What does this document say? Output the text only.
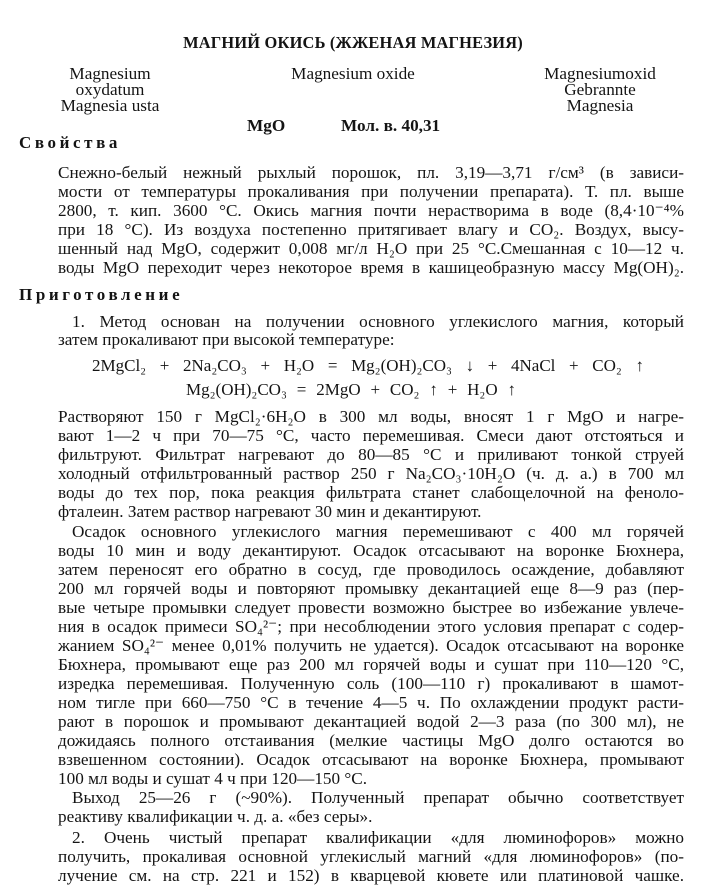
МАГНИЙ ОКИСЬ (ЖЖЕНАЯ МАГНЕЗИЯ)
Magnesium
oxydatum
Magnesia usta
Magnesium oxide	Magnesiumoxid
Gebrannte
Magnesia
MgO	Мол. в. 40,31
Свойства
Снежно-белый нежный рыхлый порошок, пл. 3,19—3,71 г/см³ (в зависи-
мости от температуры прокаливания при получении препарата). Т. пл. выше
2800, т. кип. 3600 °С. Окись магния почти нерастворима в воде (8,4·10⁻⁴%
при 18 °С). Из воздуха постепенно притягивает влагу и CO₂. Воздух, высу-
шенный над MgO, содержит 0,008 мг/л H₂O при 25 °С.Смешанная с 10—12 ч.
воды MgO переходит через некоторое время в кашицеобразную массу Mg(OH)₂.
Приготовление
1. Метод основан на получении основного углекислого магния, который
затем прокаливают при высокой температуре:
2MgCl₂ + 2Na₂CO₃ + H₂O = Mg₂(OH)₂CO₃ ↓ + 4NaCl + CO₂ ↑
Mg₂(OH)₂CO₃ = 2MgO + CO₂ ↑ + H₂O ↑
Растворяют 150 г MgCl₂·6H₂O в 300 мл воды, вносят 1 г MgO и нагре-
вают 1—2 ч при 70—75 °С, часто перемешивая. Смеси дают отстояться и
фильтруют. Фильтрат нагревают до 80—85 °С и приливают тонкой струей
холодный отфильтрованный раствор 250 г Na₂CO₃·10H₂O (ч. д. а.) в 700 мл
воды до тех пор, пока реакция фильтрата станет слабощелочной на феноло-
фталеин. Затем раствор нагревают 30 мин и декантируют.
Осадок основного углекислого магния перемешивают с 400 мл горячей
воды 10 мин и воду декантируют. Осадок отсасывают на воронке Бюхнера,
затем переносят его обратно в сосуд, где проводилось осаждение, добавляют
200 мл горячей воды и повторяют промывку декантацией еще 8—9 раз (пер-
вые четыре промывки следует провести возможно быстрее во избежание увлече-
ния в осадок примеси SO₄²⁻; при несоблюдении этого условия препарат с содер-
жанием SO₄²⁻ менее 0,01% получить не удается). Осадок отсасывают на воронке
Бюхнера, промывают еще раз 200 мл горячей воды и сушат при 110—120 °С,
изредка перемешивая. Полученную соль (100—110 г) прокаливают в шамот-
ном тигле при 660—750 °С в течение 4—5 ч. По охлаждении продукт расти-
рают в порошок и промывают декантацией водой 2—3 раза (по 300 мл), не
дожидаясь полного отстаивания (мелкие частицы MgO долго остаются во
взвешенном состоянии). Осадок отсасывают на воронке Бюхнера, промывают
100 мл воды и сушат 4 ч при 120—150 °С.
Выход 25—26 г (~90%). Полученный препарат обычно соответствует
реактиву квалификации ч. д. а. «без серы».
2. Очень чистый препарат квалификации «для люминофоров» можно
получить, прокаливая основной углекислый магний «для люминофоров» (по-
лучение см. на стр. 221 и 152) в кварцевой кювете или платиновой чашке.
